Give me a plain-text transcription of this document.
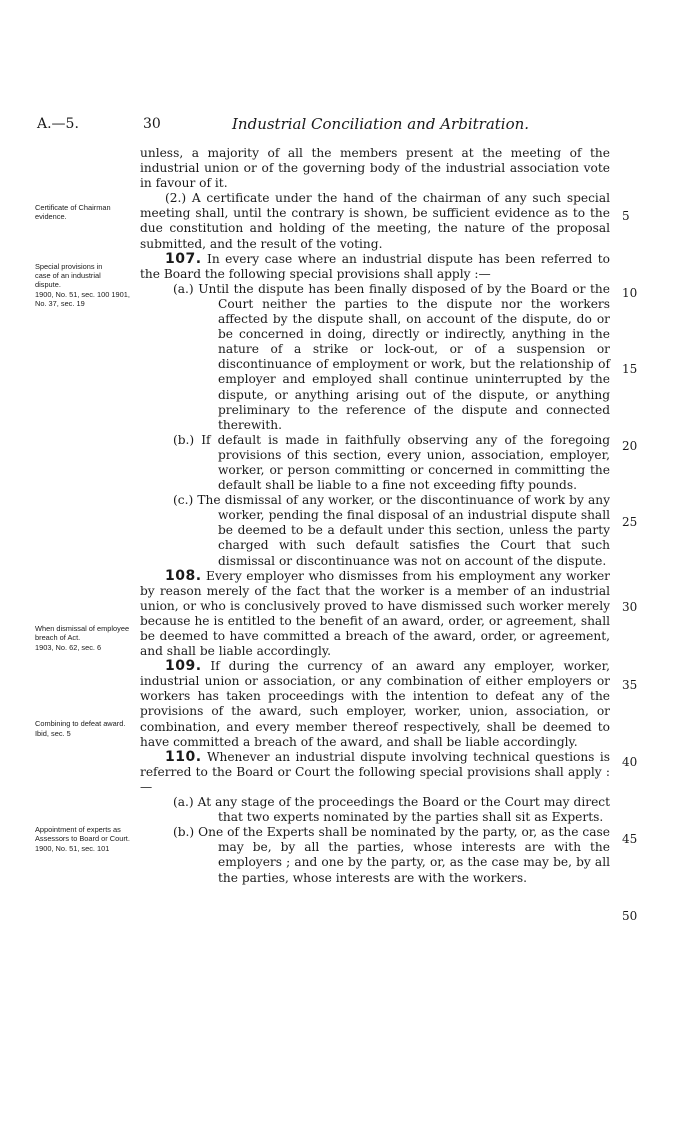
A.—5.	30	Industrial Conciliation and Arbitration.
Certificate of Chairman evidence.
Special provisions in case of an industrial dispute.
1900, No. 51, sec. 100 1901, No. 37, sec. 19
When dismissal of employee breach of Act.
1903, No. 62, sec. 6
Combining to defeat award.
Ibid, sec. 5
Appointment of experts as Assessors to Board or Court.
1900, No. 51, sec. 101
5
10
15
20
25
30
35
40
45
50

unless, a majority of all the members present at the meeting of the industrial union or of the governing body of the industrial association vote in favour of it.

(2.) A certificate under the hand of the chairman of any such special meeting shall, until the contrary is shown, be sufficient evidence as to the due constitution and holding of the meeting, the nature of the proposal submitted, and the result of the voting.

107. In every case where an industrial dispute has been referred to the Board the following special provisions shall apply :—

(a.) Until the dispute has been finally disposed of by the Board or the Court neither the parties to the dispute nor the workers affected by the dispute shall, on account of the dispute, do or be concerned in doing, directly or indirectly, anything in the nature of a strike or lock-out, or of a suspension or discontinuance of employment or work, but the relationship of employer and employed shall continue uninterrupted by the dispute, or anything arising out of the dispute, or anything preliminary to the reference of the dispute and connected therewith.

(b.) If default is made in faithfully observing any of the foregoing provisions of this section, every union, association, employer, worker, or person committing or concerned in committing the default shall be liable to a fine not exceeding fifty pounds.

(c.) The dismissal of any worker, or the discontinuance of work by any worker, pending the final disposal of an industrial dispute shall be deemed to be a default under this section, unless the party charged with such default satisfies the Court that such dismissal or discontinuance was not on account of the dispute.

108. Every employer who dismisses from his employment any worker by reason merely of the fact that the worker is a member of an industrial union, or who is conclusively proved to have dismissed such worker merely because he is entitled to the benefit of an award, order, or agreement, shall be deemed to have committed a breach of the award, order, or agreement, and shall be liable accordingly.

109. If during the currency of an award any employer, worker, industrial union or association, or any combination of either employers or workers has taken proceedings with the intention to defeat any of the provisions of the award, such employer, worker, union, association, or combination, and every member thereof respectively, shall be deemed to have committed a breach of the award, and shall be liable accordingly.

110. Whenever an industrial dispute involving technical questions is referred to the Board or Court the following special provisions shall apply :—

(a.) At any stage of the proceedings the Board or the Court may direct that two experts nominated by the parties shall sit as Experts.

(b.) One of the Experts shall be nominated by the party, or, as the case may be, by all the parties, whose interests are with the employers ; and one by the party, or, as the case may be, by all the parties, whose interests are with the workers.
